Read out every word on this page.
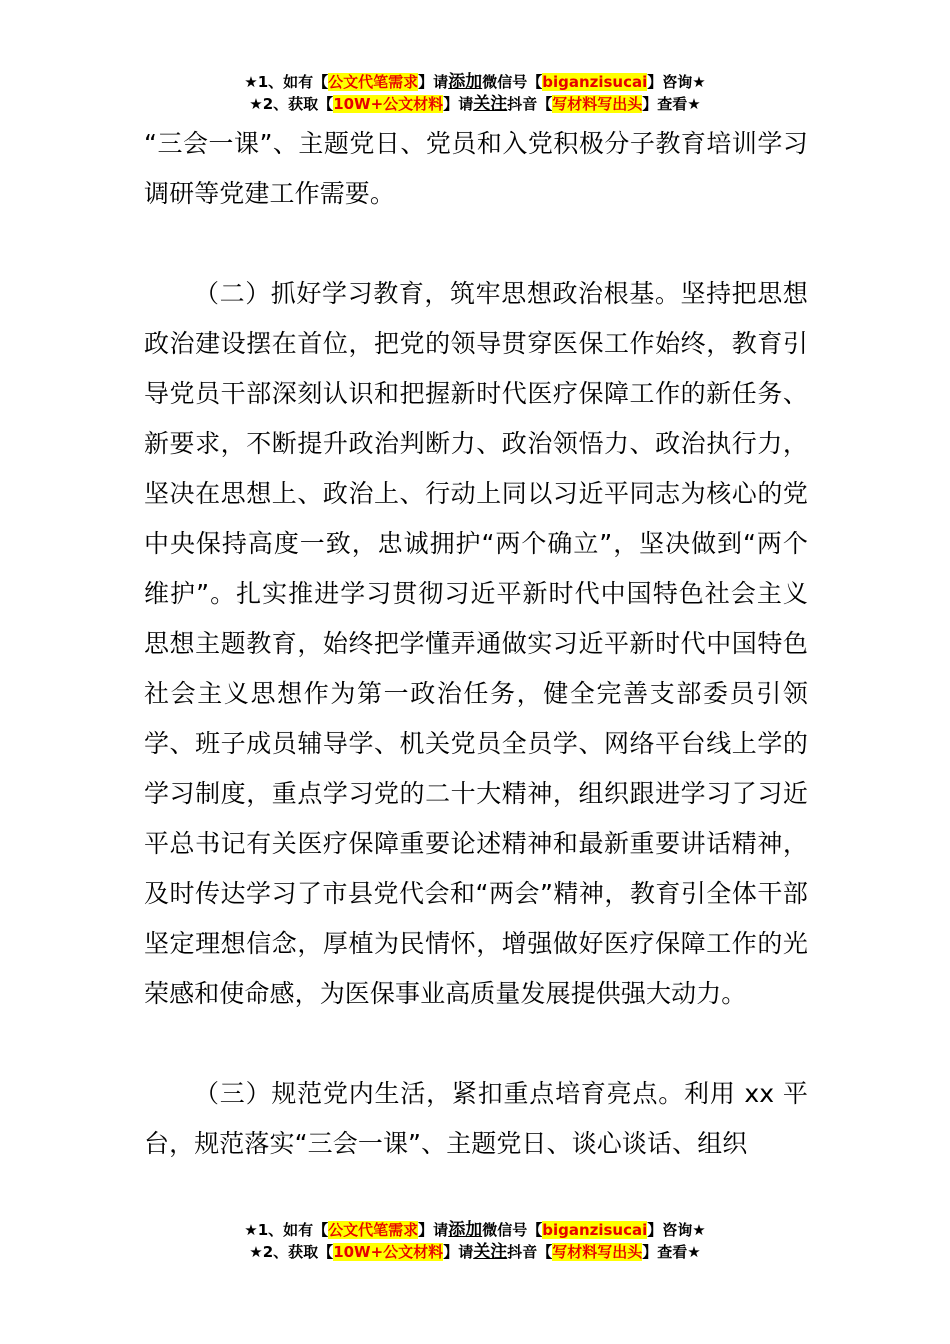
★1、如有【公文代笔需求】请添加微信号【biganzisucai】咨询★
★2、获取【10W+公文材料】请关注抖音【写材料写出头】查看★

“三会一课”、主题党日、党员和入党积极分子教育培训学习调研等党建工作需要。

（二）抓好学习教育，筑牢思想政治根基。坚持把思想政治建设摆在首位，把党的领导贯穿医保工作始终，教育引导党员干部深刻认识和把握新时代医疗保障工作的新任务、新要求，不断提升政治判断力、政治领悟力、政治执行力，坚决在思想上、政治上、行动上同以习近平同志为核心的党中央保持高度一致，忠诚拥护“两个确立”，坚决做到“两个维护”。扎实推进学习贯彻习近平新时代中国特色社会主义思想主题教育，始终把学懂弄通做实习近平新时代中国特色社会主义思想作为第一政治任务，健全完善支部委员引领学、班子成员辅导学、机关党员全员学、网络平台线上学的学习制度，重点学习党的二十大精神，组织跟进学习了习近平总书记有关医疗保障重要论述精神和最新重要讲话精神，及时传达学习了市县党代会和“两会”精神，教育引全体干部坚定理想信念，厚植为民情怀，增强做好医疗保障工作的光荣感和使命感，为医保事业高质量发展提供强大动力。

（三）规范党内生活，紧扣重点培育亮点。利用 xx 平台，规范落实“三会一课”、主题党日、谈心谈话、组织

★1、如有【公文代笔需求】请添加微信号【biganzisucai】咨询★
★2、获取【10W+公文材料】请关注抖音【写材料写出头】查看★
